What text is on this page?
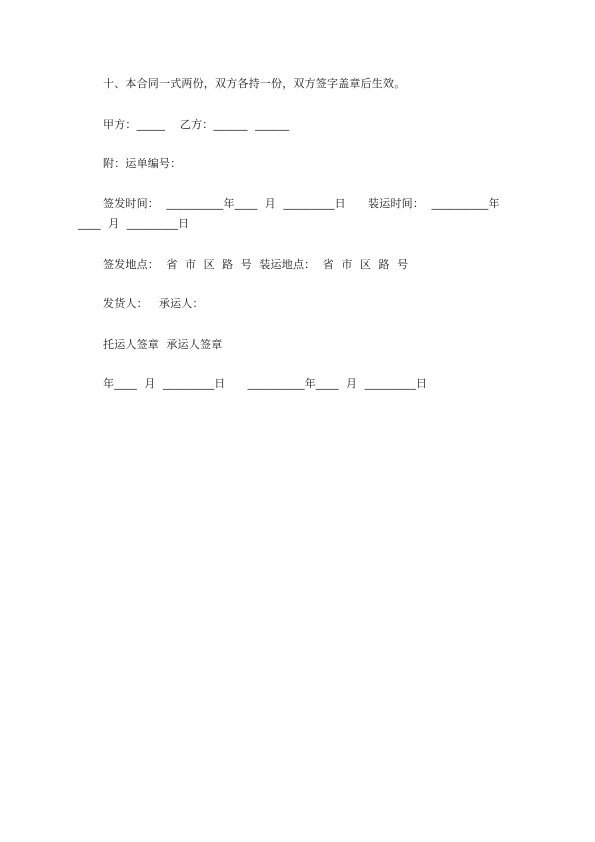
十、本合同一式两份，双方各持一份，双方签字盖章后生效。
甲方：_____    乙方：______  ______
附：运单编号：
签发时间：  __________年____  月  _________日      装运时间：  __________年
____  月  _________日
签发地点：  省  市  区  路  号  装运地点：  省  市  区  路  号
发货人：   承运人：
托运人签章  承运人签章
年____  月  _________日      __________年____  月  _________日
